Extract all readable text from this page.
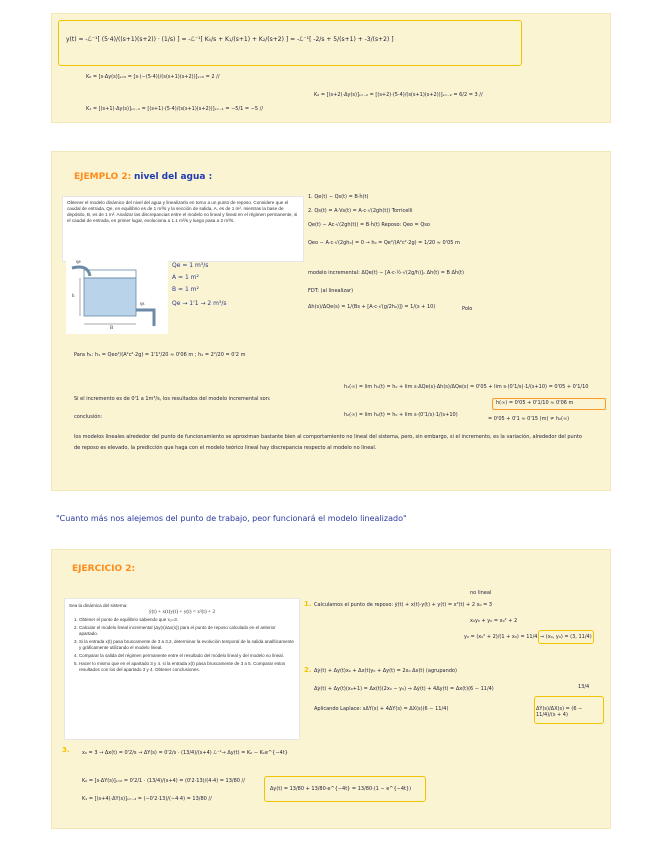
y(t) = -ℒ⁻¹[ (5·4)/((s+1)(s+2)) · (1/s) ] = -ℒ⁻¹[ K₀/s + K₁/(s+1) + K₂/(s+2) ] = -ℒ⁻¹[ -2/s + 5/(s+1) + -3/(s+2) ]
K₀ = [s·Δy(s)]ₛ₌₀ = [s·(−(5·4))/(s(s+1)(s+2))]ₛ₌₀ = 2 //
K₁ = [(s+1)·Δy(s)]ₛ₌₋₁ = [(s+1)·(5·4)/(s(s+1)(s+2))]ₛ₌₋₁ = −5/1 = −5 //
K₂ = [(s+2)·Δy(s)]ₛ₌₋₂ = [(s+2)·(5·4)/(s(s+1)(s+2))]ₛ₌₋₂ = 6/2 = 3 //
EJEMPLO 2: nivel del agua :

Obtener el modelo dinámico del nivel del agua y linealizarlo en torno a un punto de reposo. Considere que el caudal de entrada, Qe, en equilibrio es de 1 m³/s y la sección de salida, A, es de 1 m², mientras la base de depósito, B, es de 1 m². Analizar las discrepancias entre el modelo no lineal y lineal en el régimen permanente, si el caudal de entrada, en primer lugar, evoluciona a 1.1 m³/s y luego pasa a 2 m³/s.

qe
qs
h
B
Qe = 1 m³/s
A = 1 m²
B = 1 m²
Qe → 1'1 → 2 m³/s
1. Qe(t) − Qs(t) = B·ḣ(t)
2. Qs(t) = A·Vs(t) = A·c·√(2gh(t)) Torricelli
Qe(t) − Ac·√(2gh(t)) = B·ḣ(t) Reposo: Qeo = Qso
Qeo − A·c·√(2gh₀) = 0 → h₀ = Qe²/(A²c²·2g) = 1/20 ≈ 0'05 m
modelo incremental: ΔQe(t) − [A·c·½·√(2g/h)]ₒ Δh(t) = B Δḣ(t)
FDT: (al linealizar)
Δh(s)/ΔQe(s) = 1/(Bs + [A·c·√(g/2h₀)]) = 1/(s + 10)	Polo
Para h₁: h₁ = Qeo²/(A²c²·2g) = 1'1²/20 ≈ 0'06 m ; h₂ = 2²/20 = 0'2 m
Si el incremento es de 0'1 a 1m³/s, los resultados del modelo incremental son:
h₁(∞) = lim h₁(t) = h₀ + lim s·ΔQe(s)·Δh(s)/ΔQe(s) = 0'05 + lim s·(0'1/s)·1/(s+10) = 0'05 + 0'1/10
h₂(∞) = lim h₂(t) = h₀ + lim s·(0'1/s)·1/(s+10)
h(∞) = 0'05 + 0'1/10 ≈ 0'06 m
= 0'05 + 0'1 ≈ 0'15 (m) ≠ h₂(∞)
conclusión:
los modelos lineales alrededor del punto de funcionamiento se aproximan bastante bien al comportamiento no lineal del sistema, pero, sin embargo, si el incremento, es la variación, alrededor del punto de reposo es elevado, la predicción que haga con el modelo teórico lineal hay discrepancia respecto al modelo no lineal.
"Cuanto más nos alejemos del punto de trabajo, peor funcionará el modelo linealizado"
EJERCICIO 2:

Sea la dinámica del sistema:

ẏ(t) + x(t)y(t) + y(t) = x²(t) + 2

1. Obtener el punto de equilibrio sabiendo que x₀=3.
2. Calcular el modelo lineal incremental (Δy(s)/Δx(s)) para el punto de reposo calculado en el anterior apartado.
3. Si la entrada x(t) pasa bruscamente de 3 a 3.2, determinar la evolución temporal de la salida analíticamente y gráficamente utilizando el modelo lineal.
4. Comparar la salida del régimen permanente entre el resultado del modelo lineal y del modelo no lineal.
5. Hacer lo mismo que en el apartado 3 y 4. si la entrada x(t) pasa bruscamente de 3 a 5. Comparar estos resultados con los del apartado 3 y 4. Obtener conclusiones.
1.
no lineal
Calculamos el punto de reposo: ẏ(t) + x(t)·y(t) + y(t) = x²(t) + 2 x₀ = 3
x₀y₀ + y₀ = x₀² + 2
y₀ = (x₀² + 2)/(1 + x₀) = 11/4 ⇒ (x₀, y₀) = (3, 11/4)
2. Δẏ(t) + Δy(t)x₀ + Δx(t)y₀ + Δy(t) = 2x₀ Δx(t) (agrupando)
Δẏ(t) + Δy(t)(x₀+1) = Δx(t)(2x₀ − y₀) ⇒ Δẏ(t) + 4Δy(t) = Δx(t)(6 − 11/4)
Aplicando Laplace: sΔY(s) + 4ΔY(s) = ΔX(s)(6 − 11/4)
13/4
ΔY(s)/ΔX(s) = (6 − 11/4)/(s + 4)
3. x₀ = 3 → Δx(t) = 0'2/s → ΔY(s) = 0'2/s · (13/4)/(s+4) ℒ⁻¹→ Δy(t) = K₀ − K₁e^{−4t}
K₀ = [s·ΔY(s)]ₛ₌₀ = 0'2/1 · (13/4)/(s+4) = (0'2·13)/(4·4) = 13/80 //
K₁ = [(s+4)·ΔY(s)]ₛ₌₋₄ = (−0'2·13)/(−4·4) = 13/80 //
Δy(t) = 13/80 + 13/80·e^{−4t} = 13/80·(1 − e^{−4t})
